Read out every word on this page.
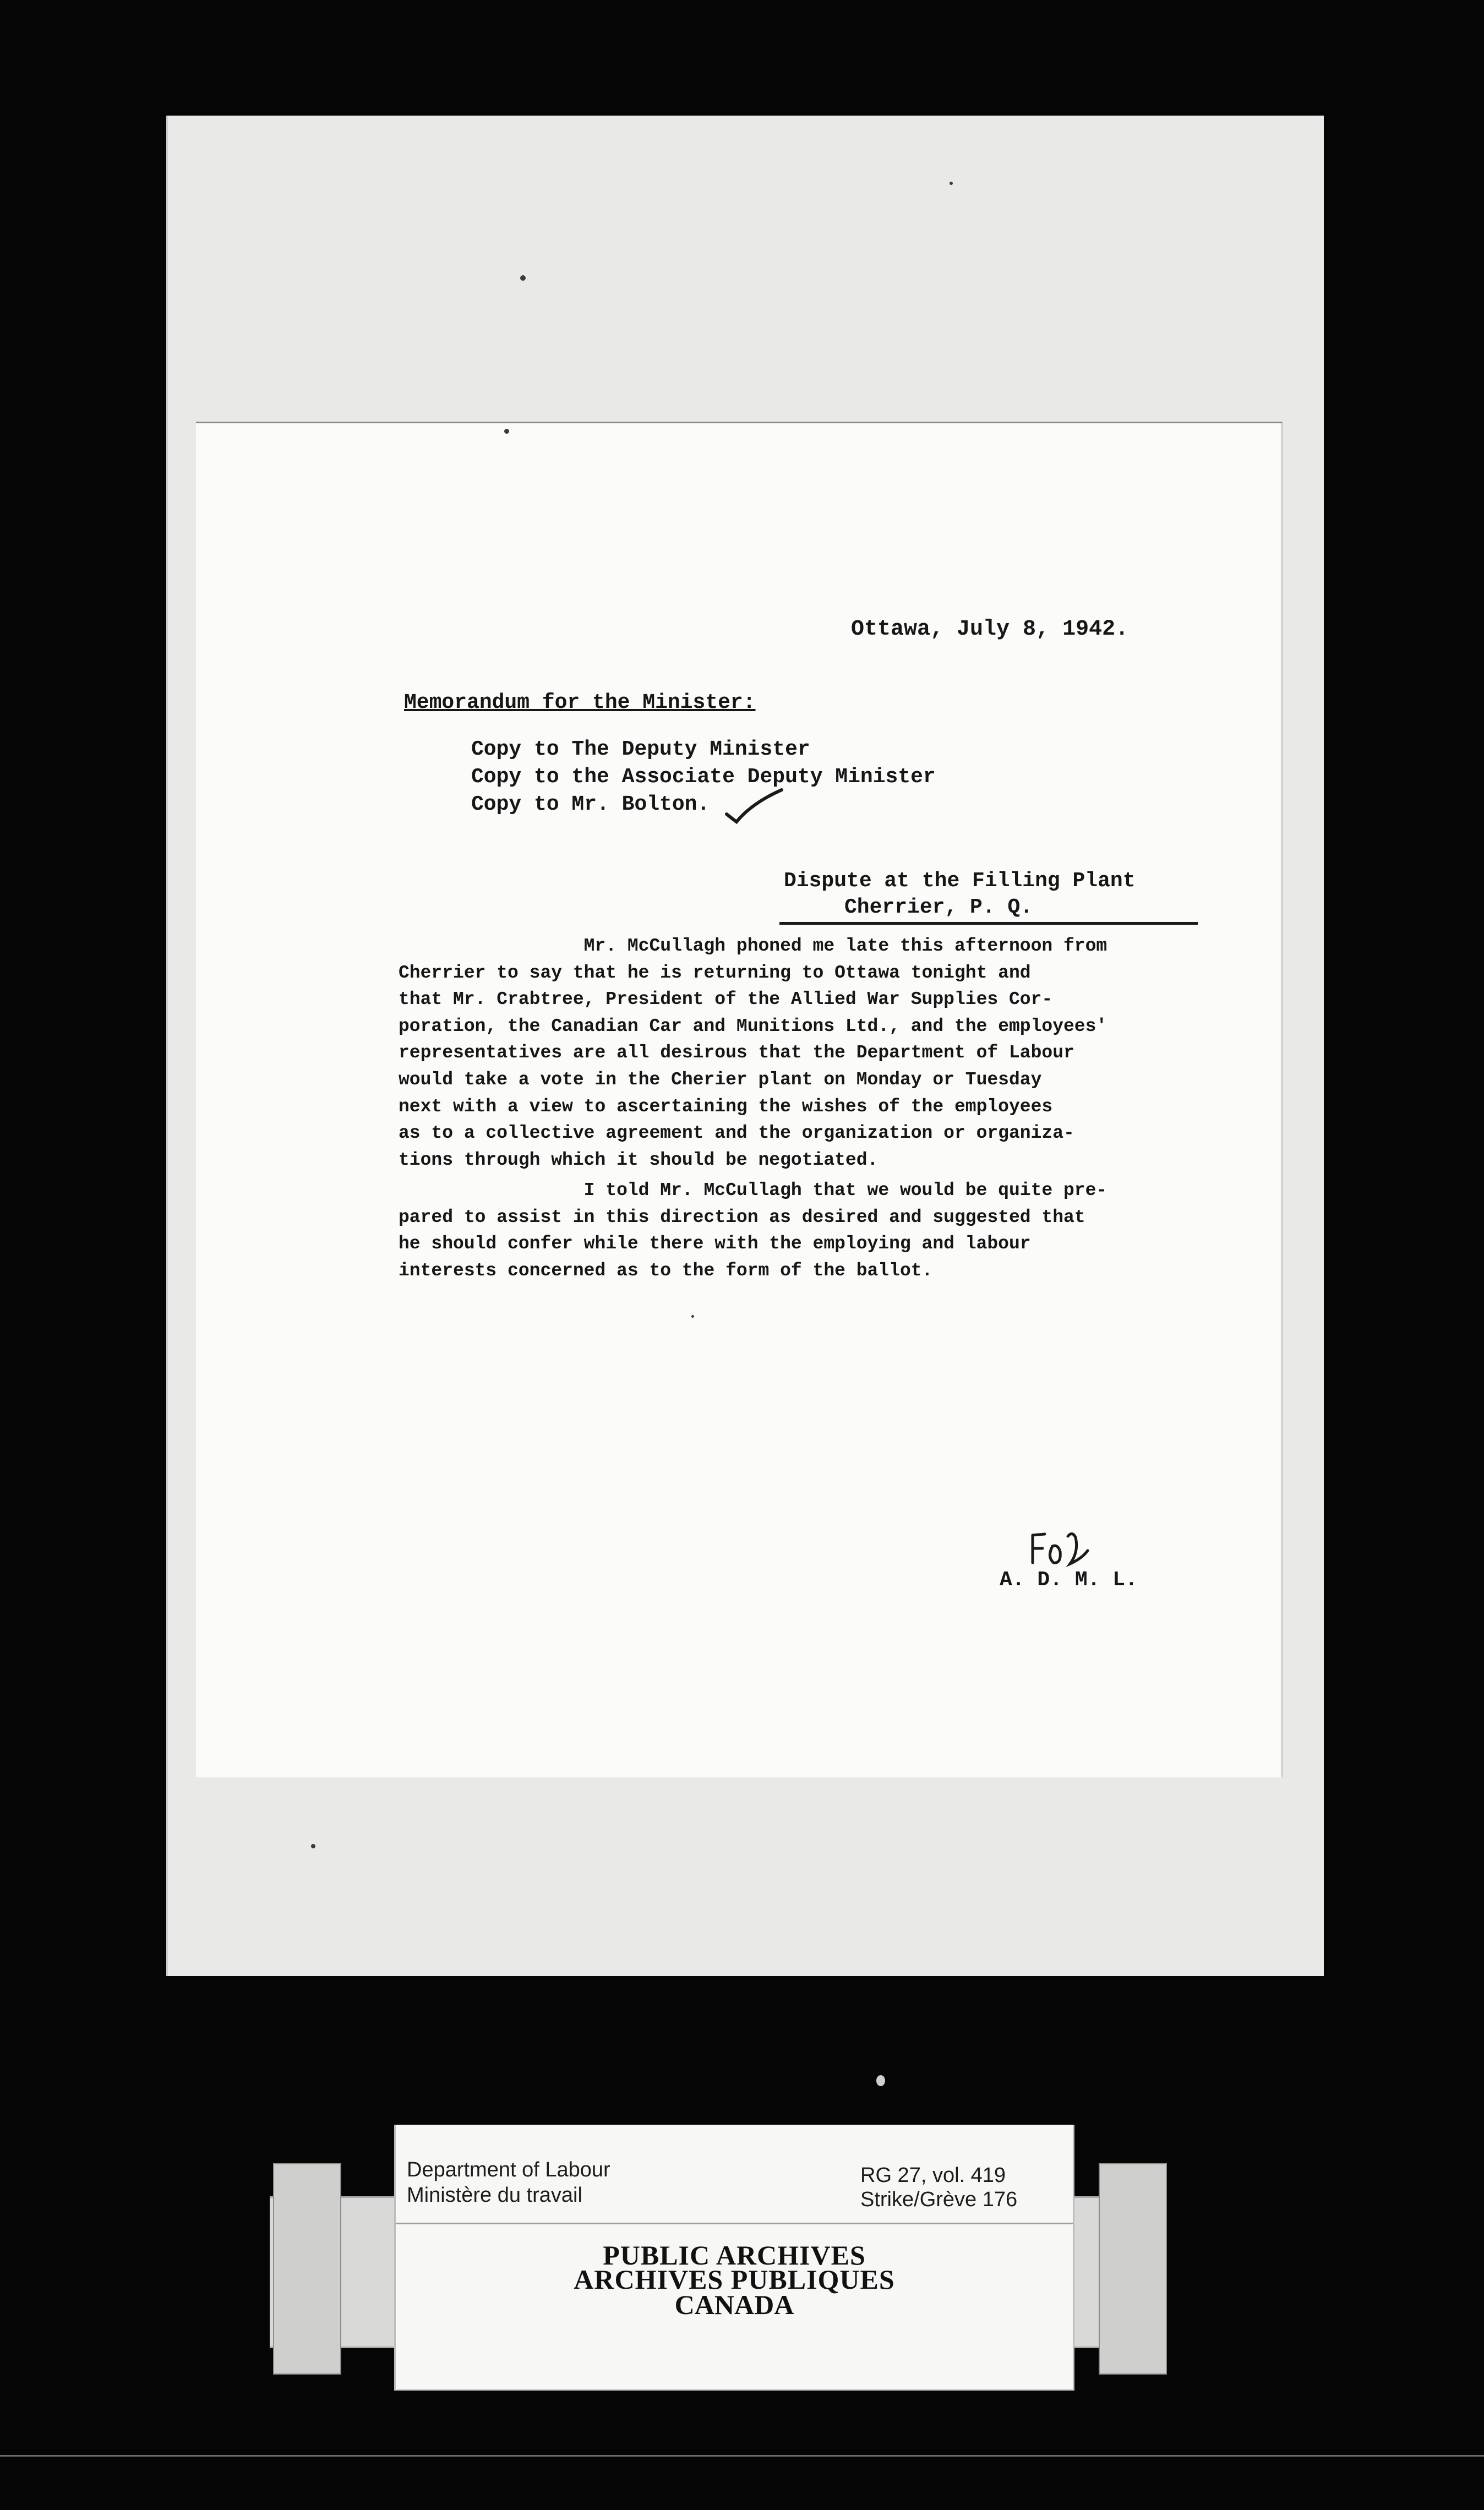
Ottawa, July 8, 1942.

Memorandum for the Minister:

Copy to The Deputy Minister
Copy to the Associate Deputy Minister
Copy to Mr. Bolton.
Dispute at the Filling Plant
Cherrier, P. Q.
Mr. McCullagh phoned me late this afternoon from
Cherrier to say that he is returning to Ottawa tonight and
that Mr. Crabtree, President of the Allied War Supplies Cor-
poration, the Canadian Car and Munitions Ltd., and the employees'
representatives are all desirous that the Department of Labour
would take a vote in the Cherier plant on Monday or Tuesday
next with a view to ascertaining the wishes of the employees
as to a collective agreement and the organization or organiza-
tions through which it should be negotiated.
I told Mr. McCullagh that we would be quite pre-
pared to assist in this direction as desired and suggested that
he should confer while there with the employing and labour
interests concerned as to the form of the ballot.
A. D. M. L.
Department of Labour
Ministère du travail
RG 27, vol. 419
Strike/Grève 176
PUBLIC ARCHIVES
ARCHIVES PUBLIQUES
CANADA
